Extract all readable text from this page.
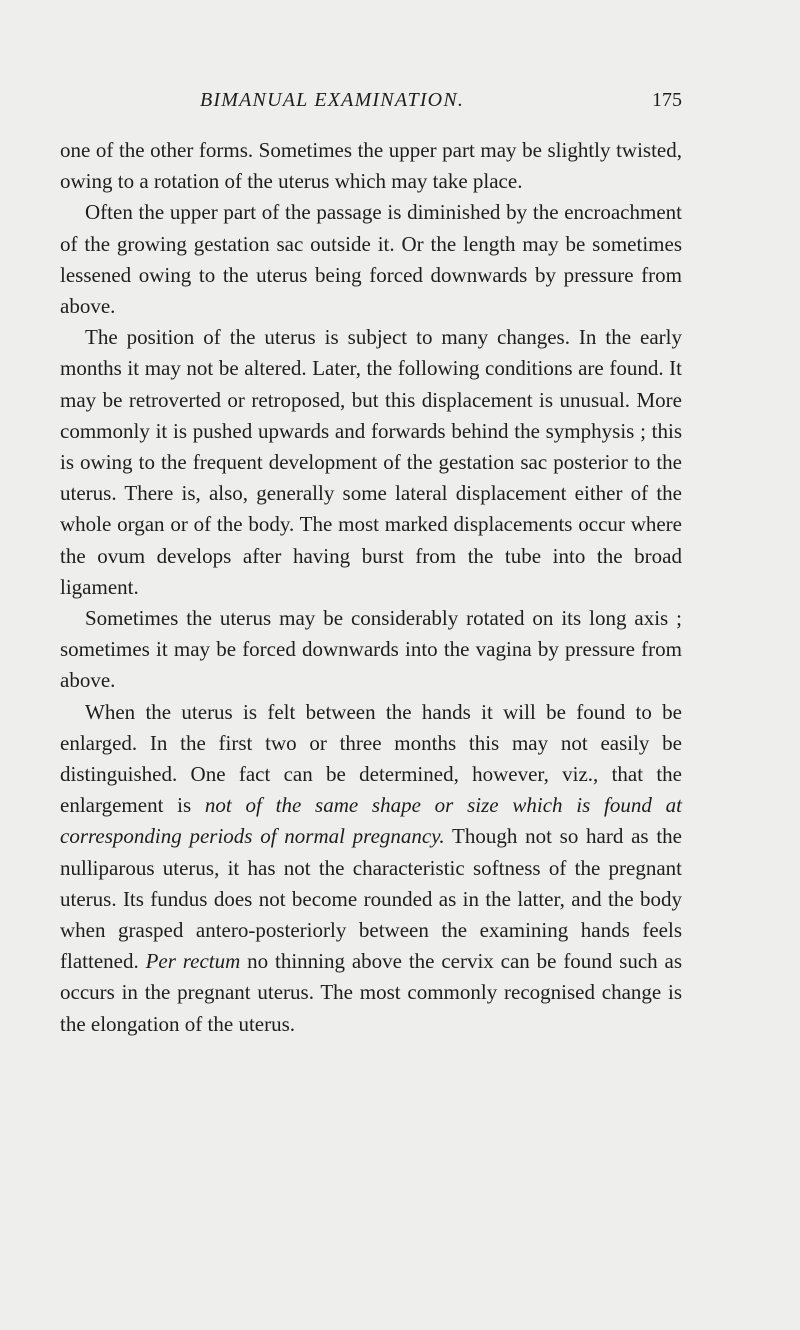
BIMANUAL EXAMINATION.	175

one of the other forms. Sometimes the upper part may be slightly twisted, owing to a rotation of the uterus which may take place.

Often the upper part of the passage is diminished by the encroachment of the growing gestation sac outside it. Or the length may be sometimes lessened owing to the uterus being forced downwards by pressure from above.

The position of the uterus is subject to many changes. In the early months it may not be altered. Later, the following conditions are found. It may be retroverted or retroposed, but this displacement is unusual. More commonly it is pushed upwards and forwards behind the symphysis ; this is owing to the frequent development of the gestation sac posterior to the uterus. There is, also, generally some lateral displacement either of the whole organ or of the body. The most marked displacements occur where the ovum develops after having burst from the tube into the broad ligament.

Sometimes the uterus may be considerably rotated on its long axis ; sometimes it may be forced downwards into the vagina by pressure from above.

When the uterus is felt between the hands it will be found to be enlarged. In the first two or three months this may not easily be distinguished. One fact can be determined, however, viz., that the enlargement is not of the same shape or size which is found at corresponding periods of normal pregnancy. Though not so hard as the nulliparous uterus, it has not the characteristic softness of the pregnant uterus. Its fundus does not become rounded as in the latter, and the body when grasped antero-posteriorly between the examining hands feels flattened. Per rectum no thinning above the cervix can be found such as occurs in the pregnant uterus. The most commonly recognised change is the elongation of the uterus.
